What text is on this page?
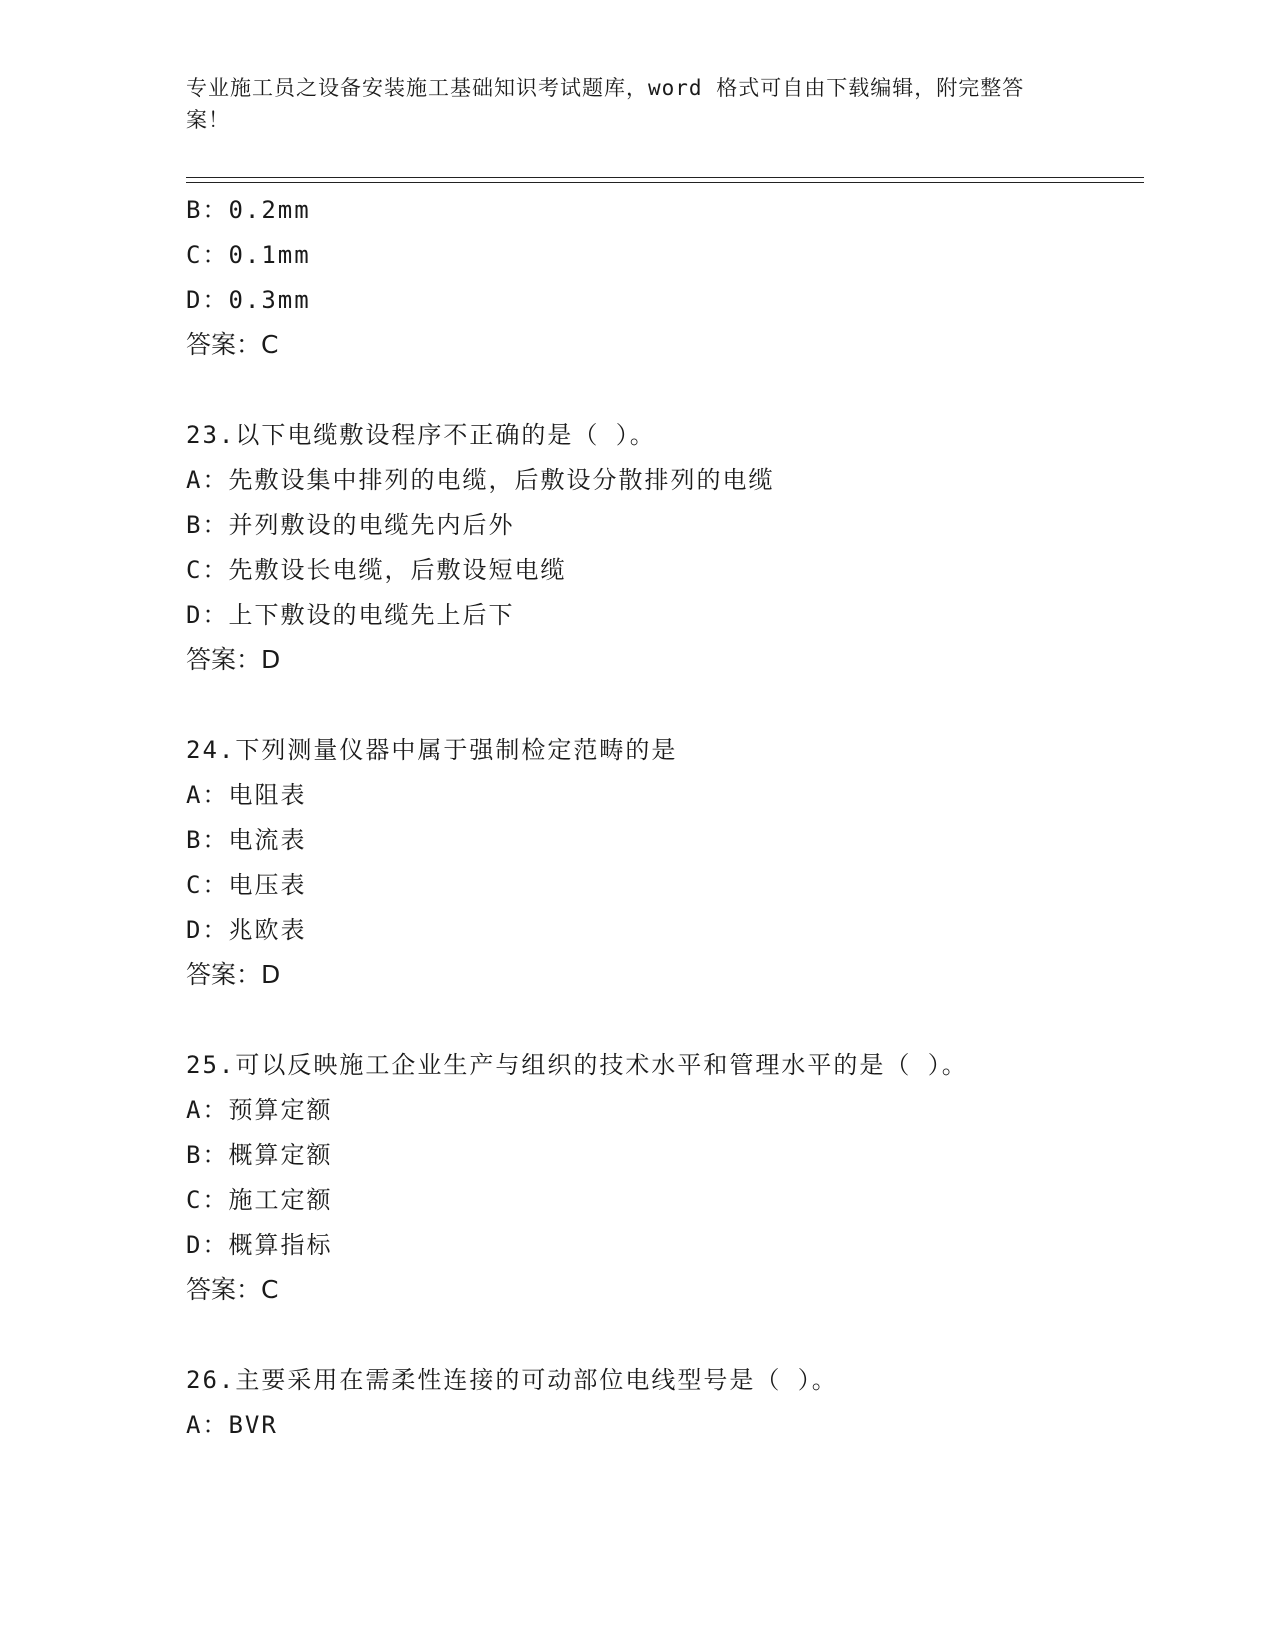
专业施工员之设备安装施工基础知识考试题库，word 格式可自由下载编辑，附完整答案！
B：0.2mm
C：0.1mm
D：0.3mm
答案：C
23.以下电缆敷设程序不正确的是（ ）。
A：先敷设集中排列的电缆，后敷设分散排列的电缆
B：并列敷设的电缆先内后外
C：先敷设长电缆，后敷设短电缆
D：上下敷设的电缆先上后下
答案：D
24.下列测量仪器中属于强制检定范畴的是
A：电阻表
B：电流表
C：电压表
D：兆欧表
答案：D
25.可以反映施工企业生产与组织的技术水平和管理水平的是（ ）。
A：预算定额
B：概算定额
C：施工定额
D：概算指标
答案：C
26.主要采用在需柔性连接的可动部位电线型号是（ ）。
A：BVR
